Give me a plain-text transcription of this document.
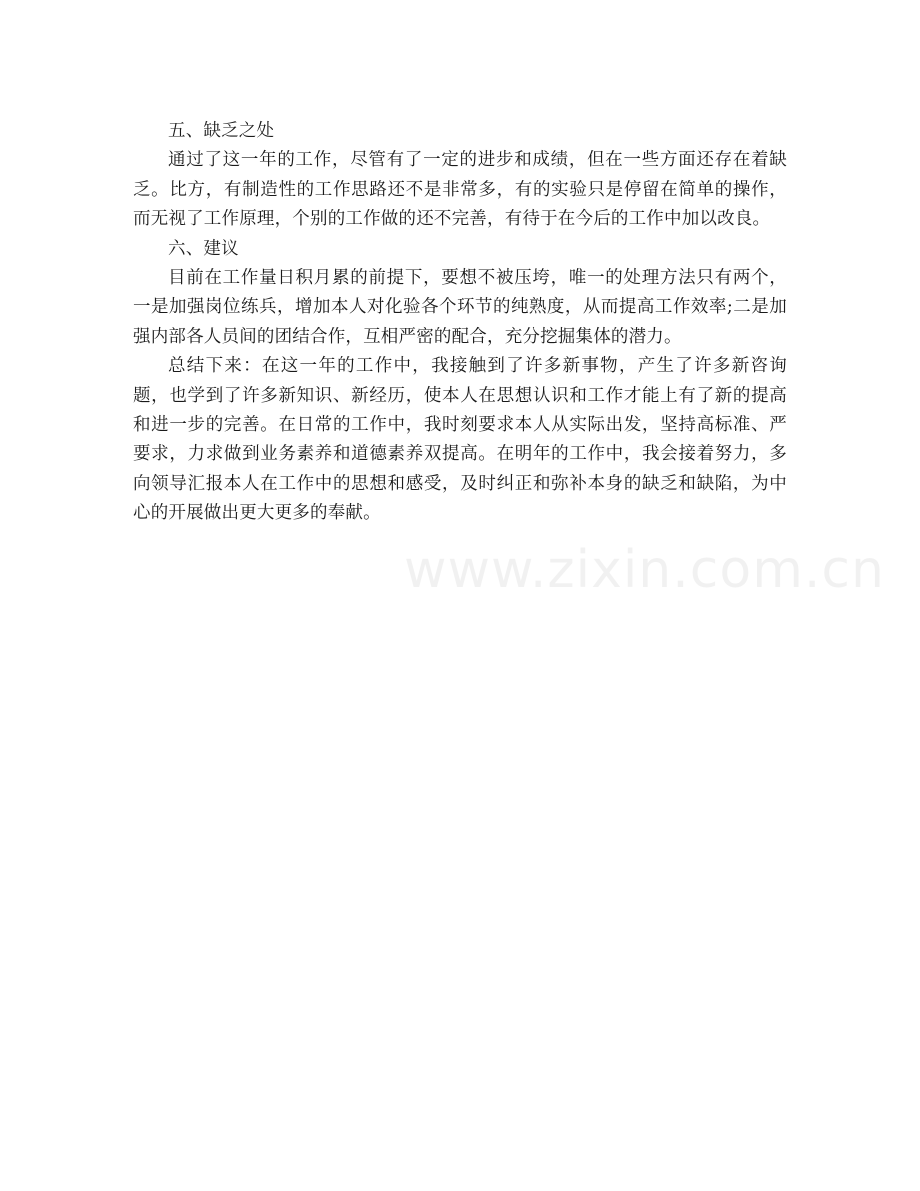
五、缺乏之处

通过了这一年的工作，尽管有了一定的进步和成绩，但在一些方面还存在着缺乏。比方，有制造性的工作思路还不是非常多，有的实验只是停留在简单的操作，而无视了工作原理，个别的工作做的还不完善，有待于在今后的工作中加以改良。

六、建议

目前在工作量日积月累的前提下，要想不被压垮，唯一的处理方法只有两个，一是加强岗位练兵，增加本人对化验各个环节的纯熟度，从而提高工作效率;二是加强内部各人员间的团结合作，互相严密的配合，充分挖掘集体的潜力。

总结下来：在这一年的工作中，我接触到了许多新事物，产生了许多新咨询题，也学到了许多新知识、新经历，使本人在思想认识和工作才能上有了新的提高和进一步的完善。在日常的工作中，我时刻要求本人从实际出发，坚持高标准、严要求，力求做到业务素养和道德素养双提高。在明年的工作中，我会接着努力，多向领导汇报本人在工作中的思想和感受，及时纠正和弥补本身的缺乏和缺陷，为中心的开展做出更大更多的奉献。

www.zixin.com.cn
